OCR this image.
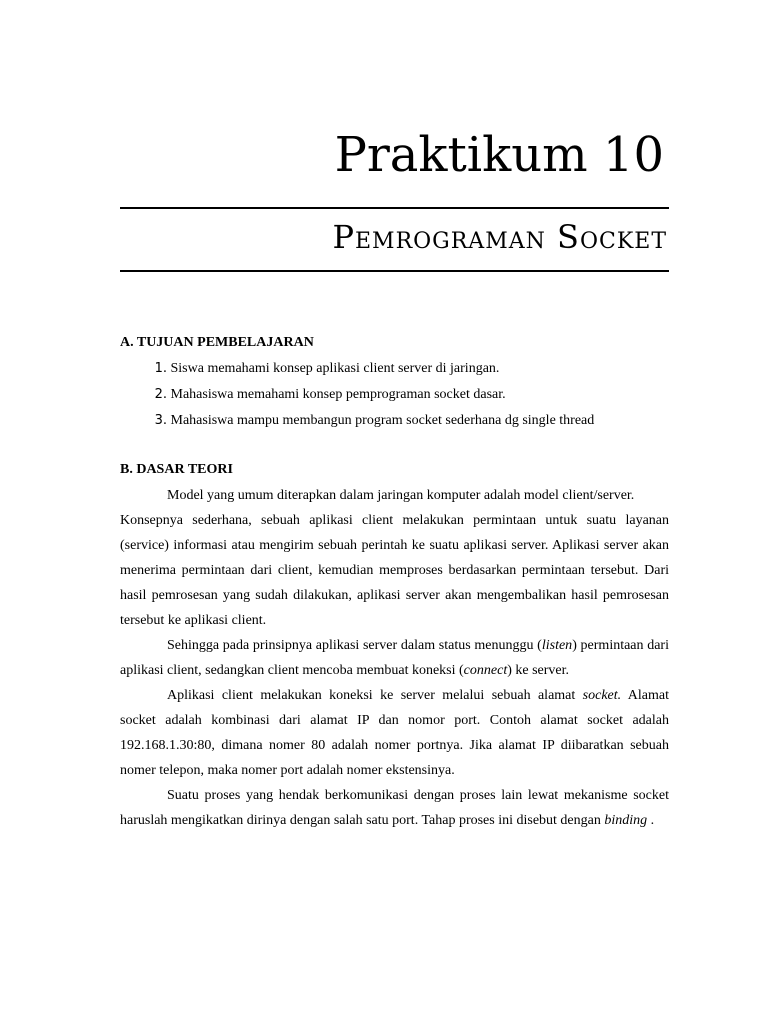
Praktikum 10
Pemrograman Socket
A. TUJUAN PEMBELAJARAN
1. Siswa memahami konsep aplikasi client server di jaringan.
2. Mahasiswa memahami konsep pemprograman socket dasar.
3. Mahasiswa mampu membangun program socket sederhana dg single thread
B. DASAR TEORI

Model yang umum diterapkan dalam jaringan komputer adalah model client/server.

Konsepnya sederhana, sebuah aplikasi client melakukan permintaan untuk suatu layanan (service) informasi atau mengirim sebuah perintah ke suatu aplikasi server. Aplikasi server akan menerima permintaan dari client, kemudian memproses berdasarkan permintaan tersebut. Dari hasil pemrosesan yang sudah dilakukan, aplikasi server akan mengembalikan hasil pemrosesan tersebut ke aplikasi client.

Sehingga pada prinsipnya aplikasi server dalam status menunggu (listen) permintaan dari aplikasi client, sedangkan client mencoba membuat koneksi (connect) ke server.

Aplikasi client melakukan koneksi ke server melalui sebuah alamat socket. Alamat socket adalah kombinasi dari alamat IP dan nomor port. Contoh alamat socket adalah 192.168.1.30:80, dimana nomer 80 adalah nomer portnya. Jika alamat IP diibaratkan sebuah nomer telepon, maka nomer port adalah nomer ekstensinya.

Suatu proses yang hendak berkomunikasi dengan proses lain lewat mekanisme socket haruslah mengikatkan dirinya dengan salah satu port. Tahap proses ini disebut dengan binding .
